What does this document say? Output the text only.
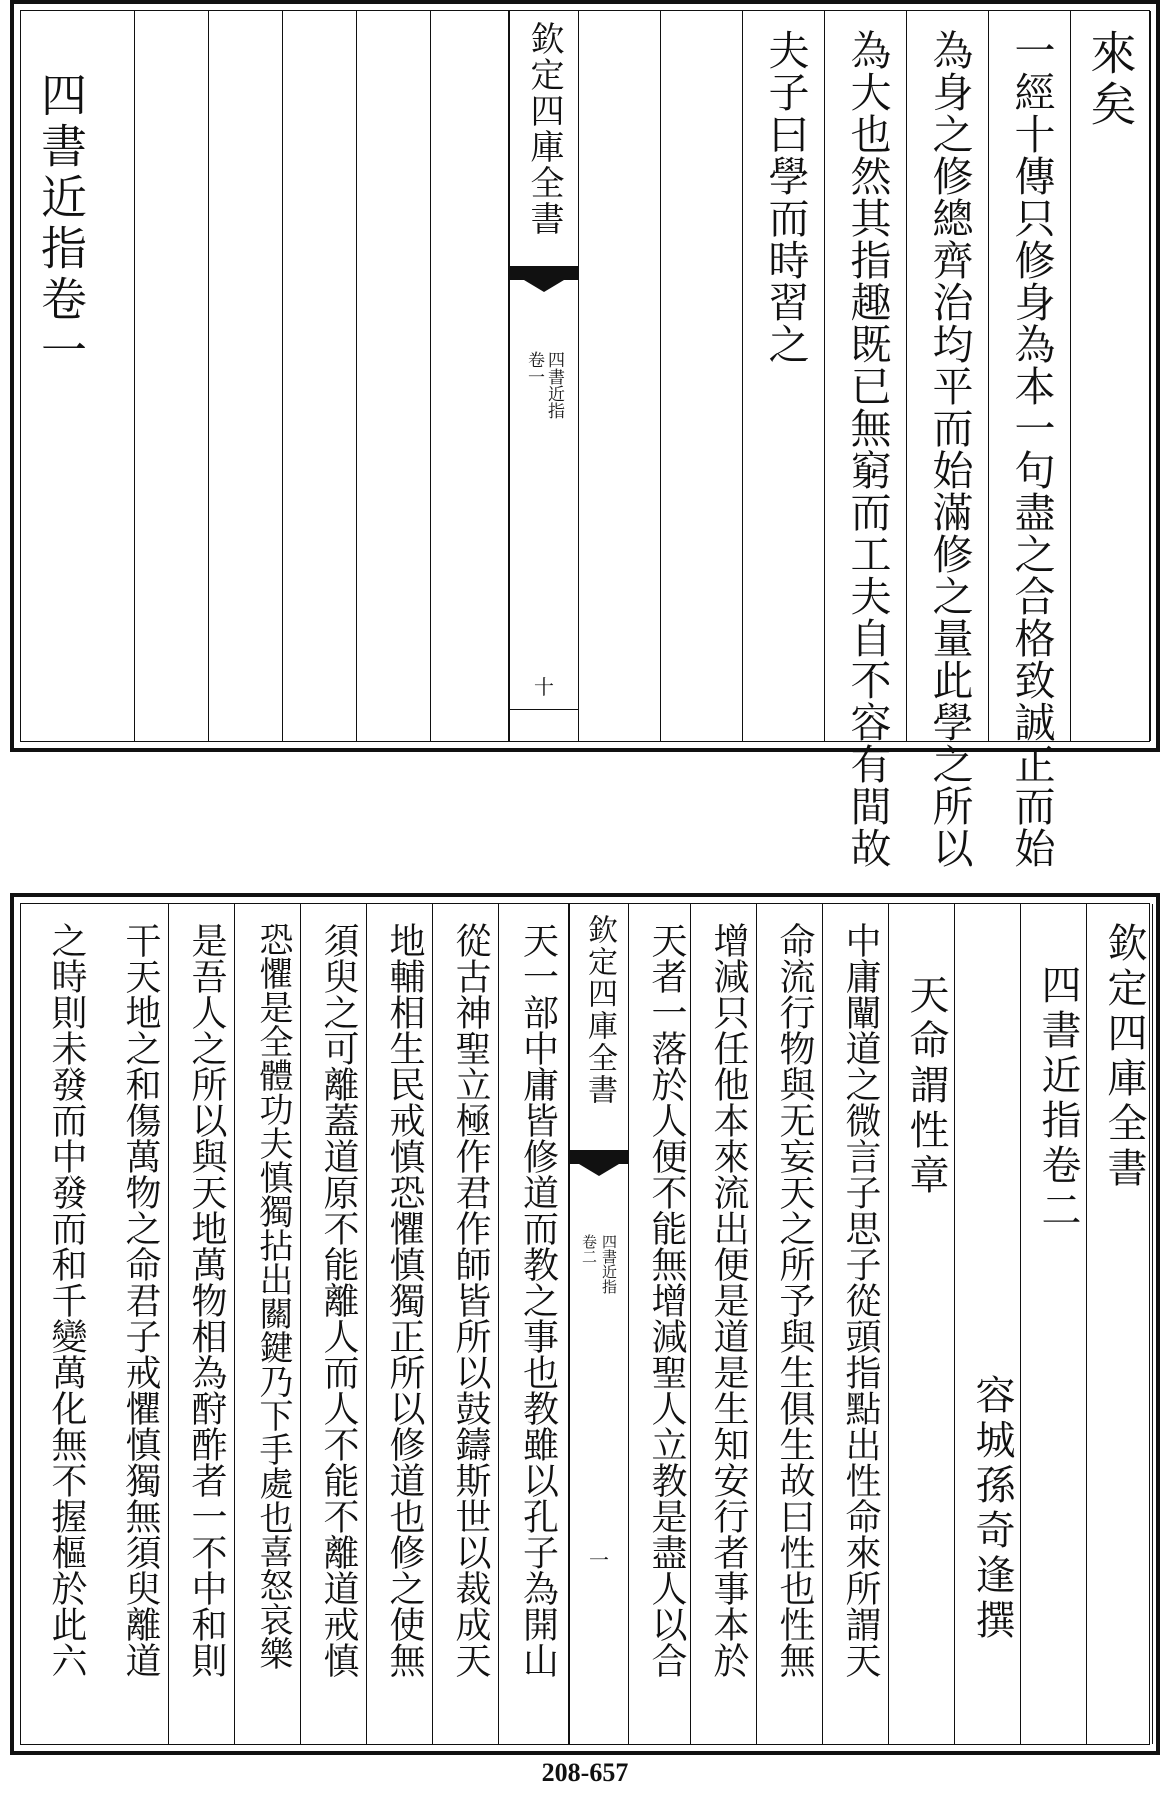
來矣
一經十傳只修身為本一句盡之合格致誠正而始
為身之修總齊治均平而始滿修之量此學之所以
為大也然其指趣既已無窮而工夫自不容有間故
夫子曰學而時習之
欽定四庫全書
四書近指
卷一
十
四書近指卷一
欽定四庫全書
四書近指卷二
容城孫奇逢撰
天命謂性章
中庸闡道之微言子思子從頭指點出性命來所謂天
命流行物與无妄天之所予與生俱生故曰性也性無
增減只任他本來流出便是道是生知安行者事本於
天者一落於人便不能無增減聖人立教是盡人以合
欽定四庫全書
四書近指
卷二
一
天一部中庸皆修道而教之事也教雖以孔子為開山
從古神聖立極作君作師皆所以鼓鑄斯世以裁成天
地輔相生民戒慎恐懼慎獨正所以修道也修之使無
須臾之可離蓋道原不能離人而人不能不離道戒慎
恐懼是全體功夫慎獨拈出關鍵乃下手處也喜怒哀樂
是吾人之所以與天地萬物相為酧酢者一不中和則
干天地之和傷萬物之命君子戒懼慎獨無須臾離道
之時則未發而中發而和千變萬化無不握樞於此六
208-657
